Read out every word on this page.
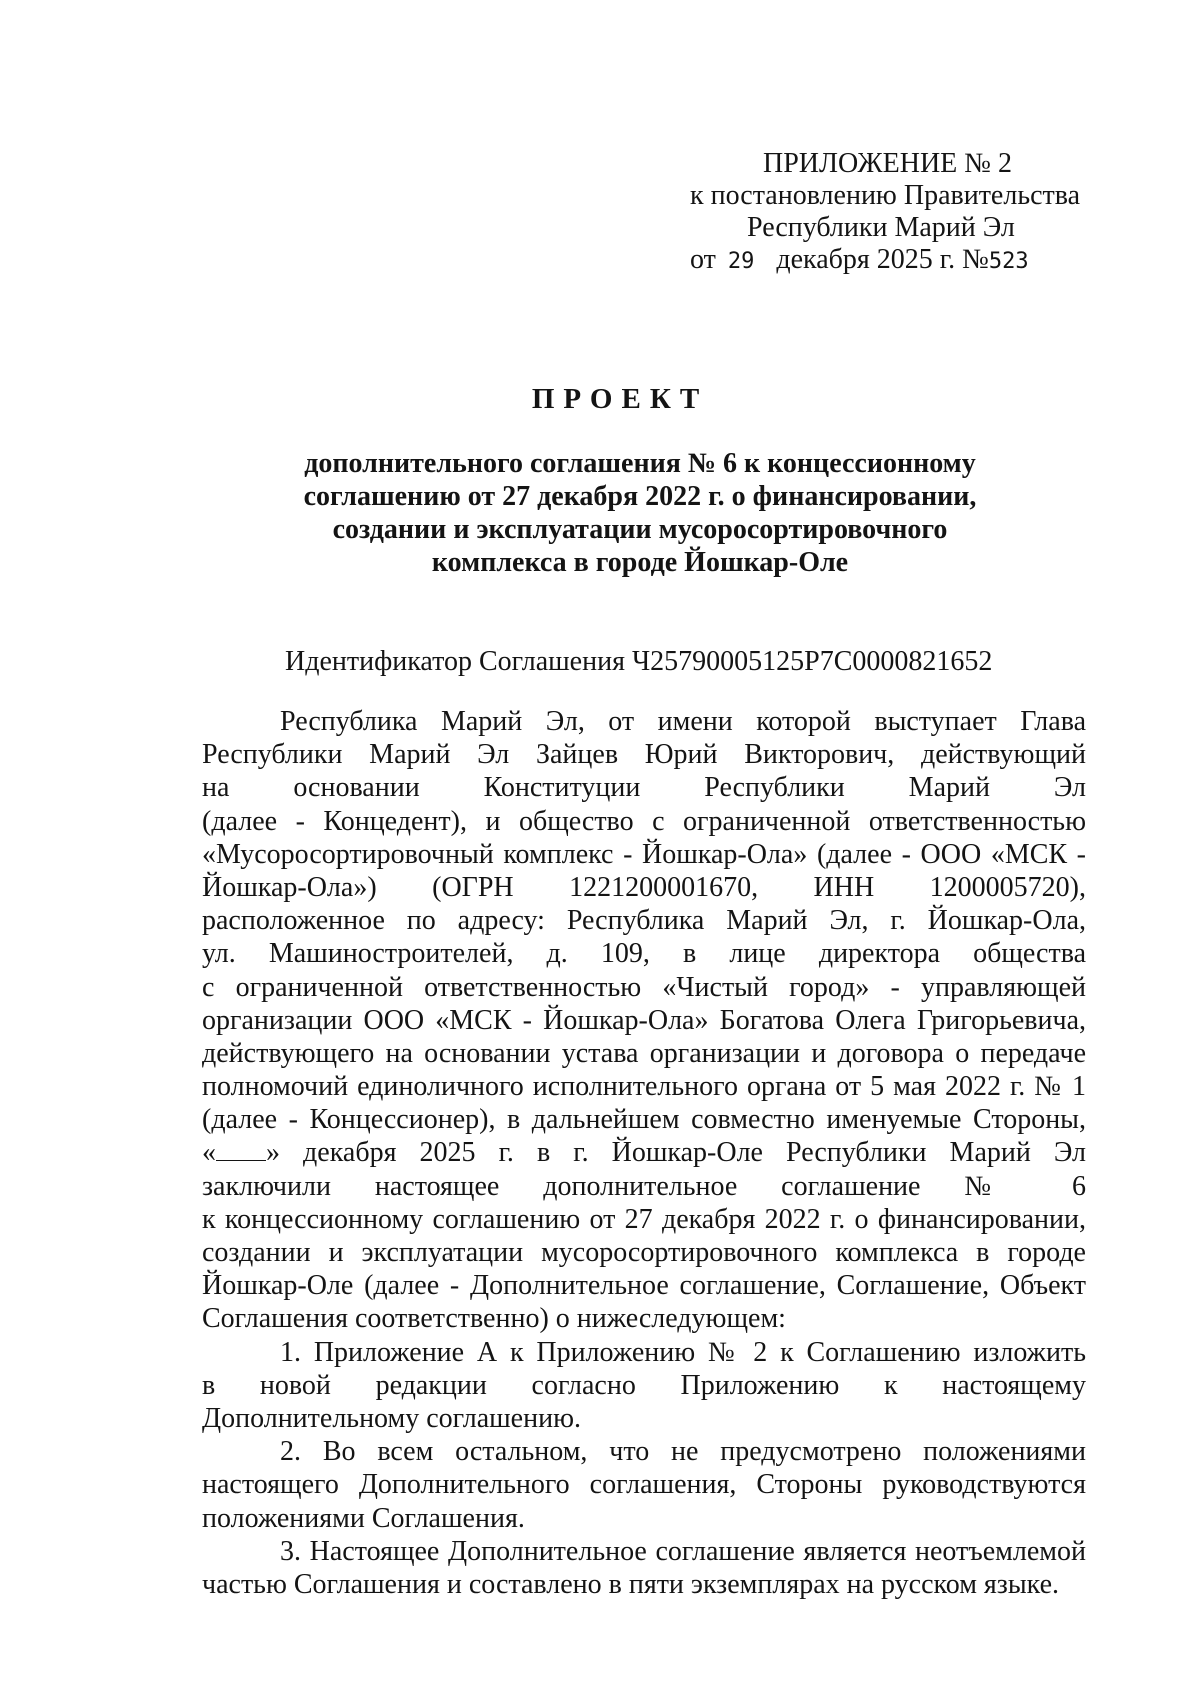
ПРИЛОЖЕНИЕ № 2
к постановлению Правительства
Республики Марий Эл
от 29 декабря 2025 г. №523
ПРОЕКТ
дополнительного соглашения № 6 к концессионному
соглашению от 27 декабря 2022 г. о финансировании,
создании и эксплуатации мусоросортировочного
комплекса в городе Йошкар-Оле
Идентификатор Соглашения Ч25790005125P7C0000821652
Республика Марий Эл, от имени которой выступает Глава
Республики Марий Эл Зайцев Юрий Викторович, действующий
на основании Конституции Республики Марий Эл
(далее - Концедент), и общество с ограниченной ответственностью
«Мусоросортировочный комплекс - Йошкар-Ола» (далее - ООО «МСК -
Йошкар-Ола») (ОГРН 1221200001670, ИНН 1200005720),
расположенное по адресу: Республика Марий Эл, г. Йошкар-Ола,
ул. Машиностроителей, д. 109, в лице директора общества
с ограниченной ответственностью «Чистый город» - управляющей
организации ООО «МСК - Йошкар-Ола» Богатова Олега Григорьевича,
действующего на основании устава организации и договора о передаче
полномочий единоличного исполнительного органа от 5 мая 2022 г. № 1
(далее - Концессионер), в дальнейшем совместно именуемые Стороны,
« » декабря 2025 г. в г. Йошкар-Оле Республики Марий Эл
заключили настоящее дополнительное соглашение № 6
к концессионному соглашению от 27 декабря 2022 г. о финансировании,
создании и эксплуатации мусоросортировочного комплекса в городе
Йошкар-Оле (далее - Дополнительное соглашение, Соглашение, Объект
Соглашения соответственно) о нижеследующем:
1. Приложение А к Приложению № 2 к Соглашению изложить
в новой редакции согласно Приложению к настоящему
Дополнительному соглашению.
2. Во всем остальном, что не предусмотрено положениями
настоящего Дополнительного соглашения, Стороны руководствуются
положениями Соглашения.
3. Настоящее Дополнительное соглашение является неотъемлемой
частью Соглашения и составлено в пяти экземплярах на русском языке.
